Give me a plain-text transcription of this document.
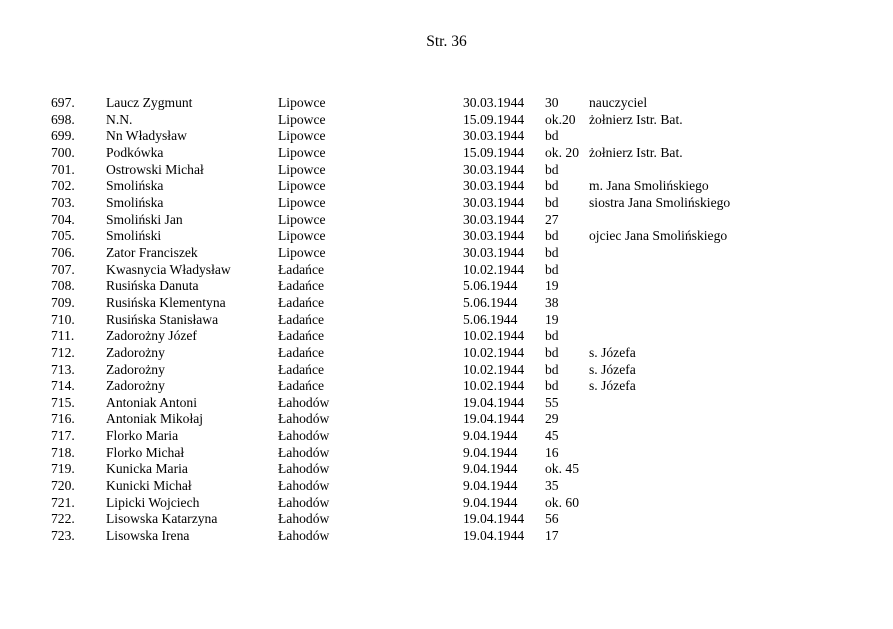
Str. 36
697. Laucz Zygmunt	Lipowce	30.03.1944 30 nauczyciel
698. N.N.	Lipowce	15.09.1944 ok.20 żołnierz Istr. Bat.
699. Nn Władysław	Lipowce	30.03.1944 bd
700. Podkówka	Lipowce	15.09.1944 ok. 20 żołnierz Istr. Bat.
701. Ostrowski Michał	Lipowce	30.03.1944 bd
702. Smolińska	Lipowce	30.03.1944 bd m. Jana Smolińskiego
703. Smolińska	Lipowce	30.03.1944 bd siostra Jana Smolińskiego
704. Smoliński Jan	Lipowce	30.03.1944 27
705. Smoliński	Lipowce	30.03.1944 bd ojciec Jana Smolińskiego
706. Zator Franciszek	Lipowce	30.03.1944 bd
707. Kwasnycia Władysław	Ładańce	10.02.1944 bd
708. Rusińska Danuta	Ładańce	5.06.1944 19
709. Rusińska Klementyna	Ładańce	5.06.1944 38
710. Rusińska Stanisława	Ładańce	5.06.1944 19
711. Zadorożny Józef	Ładańce	10.02.1944 bd
712. Zadorożny	Ładańce	10.02.1944 bd s. Józefa
713. Zadorożny	Ładańce	10.02.1944 bd s. Józefa
714. Zadorożny	Ładańce	10.02.1944 bd s. Józefa
715. Antoniak Antoni	Łahodów	19.04.1944 55
716. Antoniak Mikołaj	Łahodów	19.04.1944 29
717. Florko Maria	Łahodów	9.04.1944 45
718. Florko Michał	Łahodów	9.04.1944 16
719. Kunicka Maria	Łahodów	9.04.1944 ok. 45
720. Kunicki Michał	Łahodów	9.04.1944 35
721. Lipicki Wojciech	Łahodów	9.04.1944 ok. 60
722. Lisowska Katarzyna	Łahodów	19.04.1944 56
723. Lisowska Irena	Łahodów	19.04.1944 17
